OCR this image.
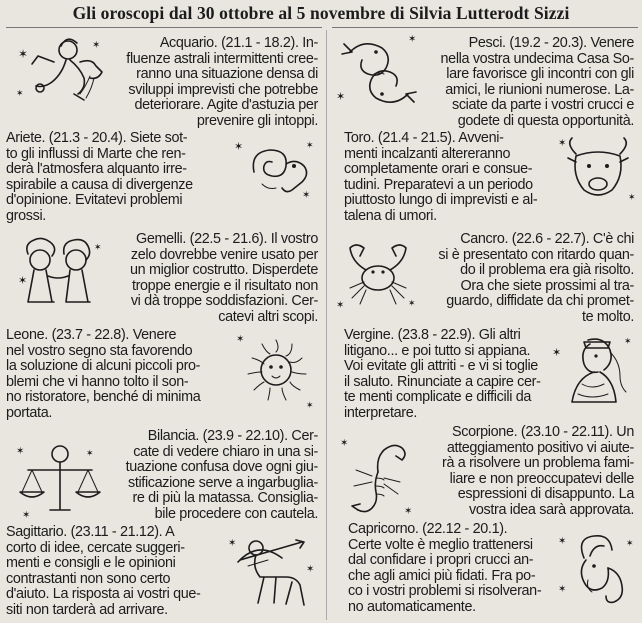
Gli oroscopi dal 30 ottobre al 5 novembre di Silvia Lutterodt Sizzi
✶
✶
✶
Acquario. (21.1 - 18.2). In-
fluenze astrali intermittenti cree-
ranno una situazione densa di
sviluppi imprevisti che potrebbe
deteriorare. Agite d'astuzia per
prevenire gli intoppi.
Ariete. (21.3 - 20.4). Siete sot-
to gli influssi di Marte che ren-
derà l'atmosfera alquanto irre-
spirabile a causa di divergenze
d'opinione. Evitatevi problemi
grossi.
✶	✶
✶
✶
✶	Gemelli. (22.5 - 21.6). Il vostro
zelo dovrebbe venire usato per
un miglior costrutto. Disperdete
troppe energie e il risultato non
vi dà troppe soddisfazioni. Cer-
catevi altri scopi.
Leone. (23.7 - 22.8). Venere
nel vostro segno sta favorendo
la soluzione di alcuni piccoli pro-
blemi che vi hanno tolto il son-
no ristoratore, benché di minima
portata.
✶
✶
✶	✶
✶
Bilancia. (23.9 - 22.10). Cer-
cate di vedere chiaro in una si-
tuazione confusa dove ogni giu-
stificazione serve a ingarbuglia-
re di più la matassa. Consiglia-
bile procedere con cautela.
Sagittario. (23.11 - 21.12). A
corto di idee, cercate suggeri-
menti e consigli e le opinioni
contrastanti non sono certo
d'aiuto. La risposta ai vostri que-
siti non tarderà ad arrivare.
✶
✶
✶
✶	Pesci. (19.2 - 20.3). Venere
nella vostra undecima Casa So-
lare favorisce gli incontri con gli
amici, le riunioni numerose. La-
sciate da parte i vostri crucci e
godete di questa opportunità.
Toro. (21.4 - 21.5). Avveni-
menti incalzanti altereranno
completamente orari e consue-
tudini. Preparatevi a un periodo
piuttosto lungo di imprevisti e al-
talena di umori.
✶
✶
✶	✶
Cancro. (22.6 - 22.7). C'è chi
si è presentato con ritardo quan-
do il problema era già risolto.
Ora che siete prossimi al tra-
guardo, diffidate da chi promet-
te molto.
Vergine. (23.8 - 22.9). Gli altri
litigano... e poi tutto si appiana.
Voi evitate gli attriti - e vi si toglie
il saluto. Rinunciate a capire cer-
te menti complicate e difficili da
interpretare.
✶
✶
✶
✶
Scorpione. (23.10 - 22.11). Un
atteggiamento positivo vi aiute-
rà a risolvere un problema fami-
liare e non preoccupatevi delle
espressioni di disappunto. La
vostra idea sarà approvata.
Capricorno. (22.12 - 20.1).
Certe volte è meglio trattenersi
dal confidare i propri crucci an-
che agli amici più fidati. Fra po-
co i vostri problemi si risolveran-
no automaticamente.
✶
✶
✶
